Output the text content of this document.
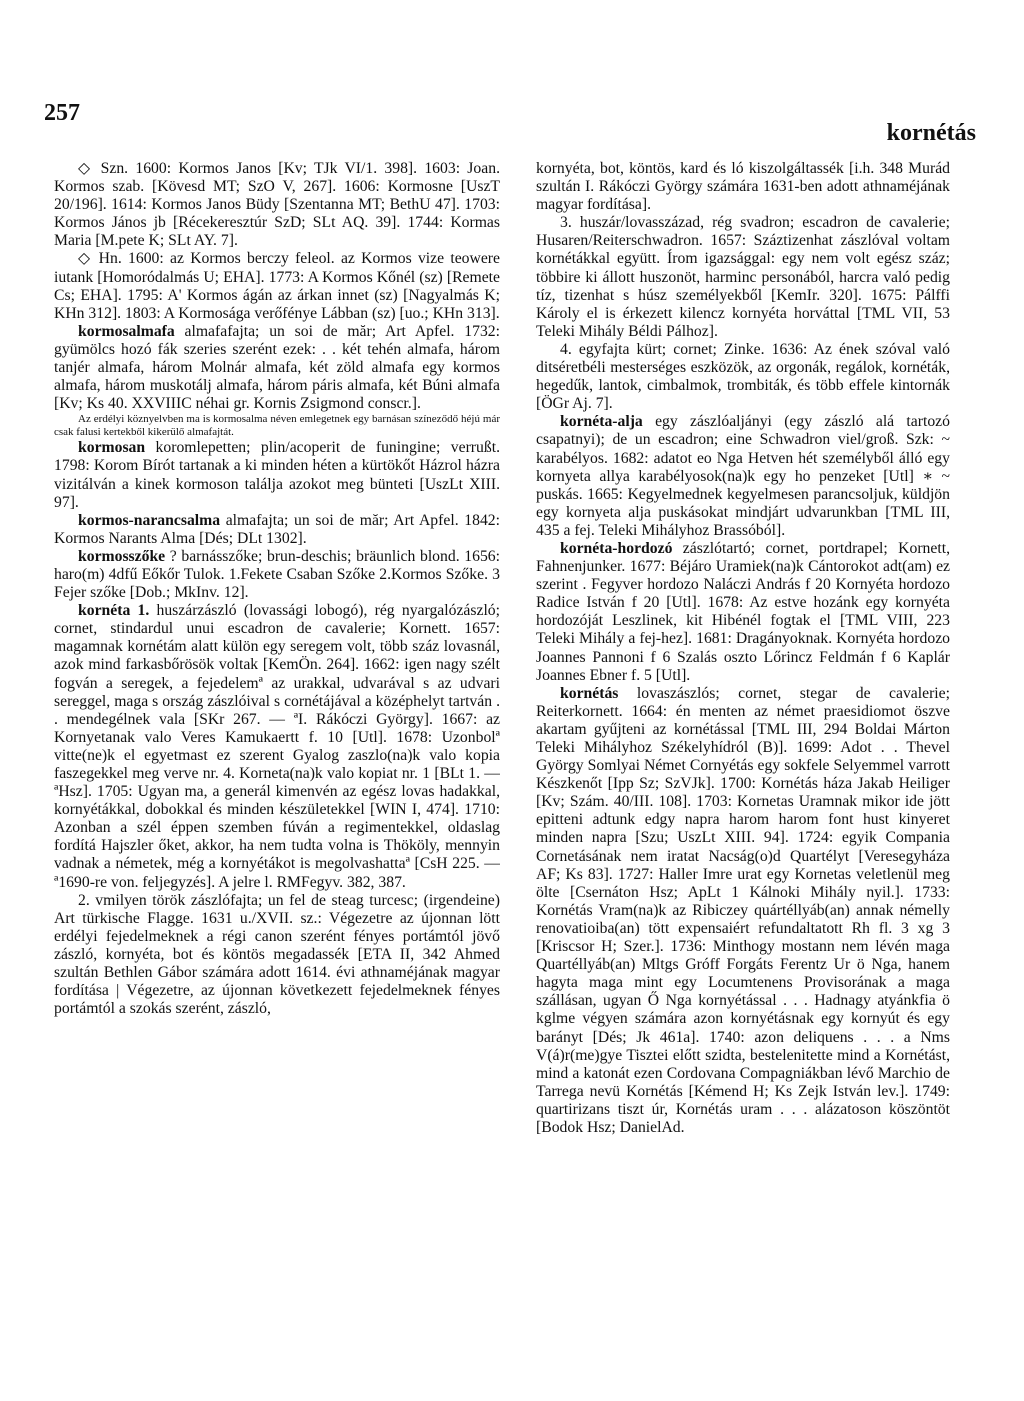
257
kornétás

◇ Szn. 1600: Kormos Janos [Kv; TJk VI/1. 398]. 1603: Joan. Kormos szab. [Kövesd MT; SzO V, 267]. 1606: Kormosne [UszT 20/196]. 1614: Kormos Janos Büdy [Szentanna MT; BethU 47]. 1703: Kormos János jb [Récekeresztúr SzD; SLt AQ. 39]. 1744: Kormas Maria [M.pete K; SLt AY. 7].

◇ Hn. 1600: az Kormos berczy feleol. az Kormos vize teowere iutank [Homoródalmás U; EHA]. 1773: A Kormos Kőnél (sz) [Remete Cs; EHA]. 1795: A' Kormos ágán az árkan innet (sz) [Nagyalmás K; KHn 312]. 1803: A Kormosága verőfénye Lábban (sz) [uo.; KHn 313].

kormosalmafa almafafajta; un soi de măr; Art Apfel. 1732: gyümölcs hozó fák szeries szerént ezek: . . két tehén almafa, három tanjér almafa, három Molnár almafa, két zöld almafa egy kormos almafa, három muskotálj almafa, három páris almafa, két Búni almafa [Kv; Ks 40. XXVIIIC néhai gr. Kornis Zsigmond conscr.].

Az erdélyi köznyelvben ma is kormosalma néven emlegetnek egy barnásan színeződő héjú már csak falusi kertekből kikerülő almafajtát.

kormosan koromlepetten; plin/acoperit de funingine; verrußt. 1798: Korom Bírót tartanak a ki minden héten a kürtökőt Házrol házra vizitálván a kinek kormoson találja azokot meg bünteti [UszLt XIII. 97].

kormos-narancsalma almafajta; un soi de măr; Art Apfel. 1842: Kormos Narants Alma [Dés; DLt 1302].

kormosszőke ? barnásszőke; brun-deschis; bräunlich blond. 1656: haro(m) 4dfű Eőkőr Tulok. 1.Fekete Csaban Szőke 2.Kormos Szőke. 3 Fejer szőke [Dob.; MkInv. 12].

kornéta 1. huszárzászló (lovassági lobogó), rég nyargalózászló; cornet, stindardul unui escadron de cavalerie; Kornett. 1657: magamnak kornétám alatt külön egy seregem volt, több száz lovasnál, azok mind farkasbőrösök voltak [KemÖn. 264]. 1662: igen nagy szélt fogván a seregek, a fejedelemª az urakkal, udvarával s az udvari sereggel, maga s ország zászlóival s cornétájával a középhelyt tartván . . mendegélnek vala [SKr 267. — ªI. Rákóczi György]. 1667: az Kornyetanak valo Veres Kamukaertt f. 10 [Utl]. 1678: Uzonbolª vitte(ne)k el egyetmast ez szerent Gyalog zaszlo(na)k valo kopia faszegekkel meg verve nr. 4. Korneta(na)k valo kopiat nr. 1 [BLt 1. — ªHsz]. 1705: Ugyan ma, a generál kimenvén az egész lovas hadakkal, kornyétákkal, dobokkal és minden készületekkel [WIN I, 474]. 1710: Azonban a szél éppen szemben fúván a regimentekkel, oldaslag fordítá Hajszler őket, akkor, ha nem tudta volna is Thököly, mennyin vadnak a németek, még a kornyétákot is megolvashattaª [CsH 225. — ª1690-re von. feljegyzés]. A jelre l. RMFegyv. 382, 387.

2. vmilyen török zászlófajta; un fel de steag turcesc; (irgendeine) Art türkische Flagge. 1631 u./XVII. sz.: Végezetre az újonnan lött erdélyi fejedelmeknek a régi canon szerént fényes portámtól jövő zászló, kornyéta, bot és köntös megadassék [ETA II, 342 Ahmed szultán Bethlen Gábor számára adott 1614. évi athnaméjának magyar fordítása | Végezetre, az újonnan következett fejedelmeknek fényes portámtól a szokás szerént, zászló,

kornyéta, bot, köntös, kard és ló kiszolgáltassék [i.h. 348 Murád szultán I. Rákóczi György számára 1631-ben adott athnaméjának magyar fordítása].

3. huszár/lovasszázad, rég svadron; escadron de cavalerie; Husaren/Reiterschwadron. 1657: Száztizenhat zászlóval voltam kornétákkal együtt. Írom igazsággal: egy nem volt egész száz; többire ki állott huszonöt, harminc personából, harcra való pedig tíz, tizenhat s húsz személyekből [KemIr. 320]. 1675: Pálffi Károly el is érkezett kilencz kornyéta horváttal [TML VII, 53 Teleki Mihály Béldi Pálhoz].

4. egyfajta kürt; cornet; Zinke. 1636: Az ének szóval való ditséretbéli mesterséges eszközök, az orgonák, regálok, kornéták, hegedűk, lantok, cimbalmok, trombiták, és több effele kintornák [ÖGr Aj. 7].

kornéta-alja egy zászlóaljányi (egy zászló alá tartozó csapatnyi); de un escadron; eine Schwadron viel/groß. Szk: ~ karabélyos. 1682: adatot eo Nga Hetven hét személyből álló egy kornyeta allya karabélyosok(na)k egy ho penzeket [Utl] ∗ ~ puskás. 1665: Kegyelmednek kegyelmesen parancsoljuk, küldjön egy kornyeta alja puskásokat mindjárt udvarunkban [TML III, 435 a fej. Teleki Mihályhoz Brassóból].

kornéta-hordozó zászlótartó; cornet, portdrapel; Kornett, Fahnenjunker. 1677: Béjáro Uramiek(na)k Cántorokot adt(am) ez szerint . Fegyver hordozo Naláczi András f 20 Kornyéta hordozo Radice István f 20 [Utl]. 1678: Az estve hozánk egy kornyéta hordozóját Leszlinek, kit Hibénél fogtak el [TML VIII, 223 Teleki Mihály a fej-hez]. 1681: Dragányoknak. Kornyéta hordozo Joannes Pannoni f 6 Szalás oszto Lőrincz Feldmán f 6 Kaplár Joannes Ebner f. 5 [Utl].

kornétás lovaszászlós; cornet, stegar de cavalerie; Reiterkornett. 1664: én menten az német praesidiomot öszve akartam gyűjteni az kornétással [TML III, 294 Boldai Márton Teleki Mihályhoz Székelyhídról (B)]. 1699: Adot . . Thevel György Somlyai Német Cornyétás egy sokfele Selyemmel varrott Készkenőt [Ipp Sz; SzVJk]. 1700: Kornétás háza Jakab Heiliger [Kv; Szám. 40/III. 108]. 1703: Kornetas Uramnak mikor ide jött epitteni adtunk edgy napra harom harom font hust kinyeret minden napra [Szu; UszLt XIII. 94]. 1724: egyik Compania Cornetásának nem iratat Nacság(o)d Quartélyt [Veresegyháza AF; Ks 83]. 1727: Haller Imre urat egy Kornetas veletlenül meg ölte [Csernáton Hsz; ApLt 1 Kálnoki Mihály nyil.]. 1733: Kornétás Vram(na)k az Ribiczey quártéllyáb(an) annak némelly renovatioiba(an) tött expensaiért refundaltatott Rh fl. 3 xg 3 [Kriscsor H; Szer.]. 1736: Minthogy mostann nem lévén maga Quartéllyáb(an) Mltgs Gróff Forgáts Ferentz Ur ö Nga, hanem hagyta maga mint egy Locumtenens Provisorának a maga szállásan, ugyan Ő Nga kornyétással . . . Hadnagy atyánkfia ö kglme végyen számára azon kornyétásnak egy kornyút és egy barányt [Dés; Jk 461a]. 1740: azon deliquens . . . a Nms V(á)r(me)gye Tisztei előtt szidta, bestelenitette mind a Kornétást, mind a katonát ezen Cordovana Compagniákban lévő Marchio de Tarrega nevü Kornétás [Kémend H; Ks Zejk István lev.]. 1749: quartirizans tiszt úr, Kornétás uram . . . alázatoson köszöntöt [Bodok Hsz; DanielAd.
